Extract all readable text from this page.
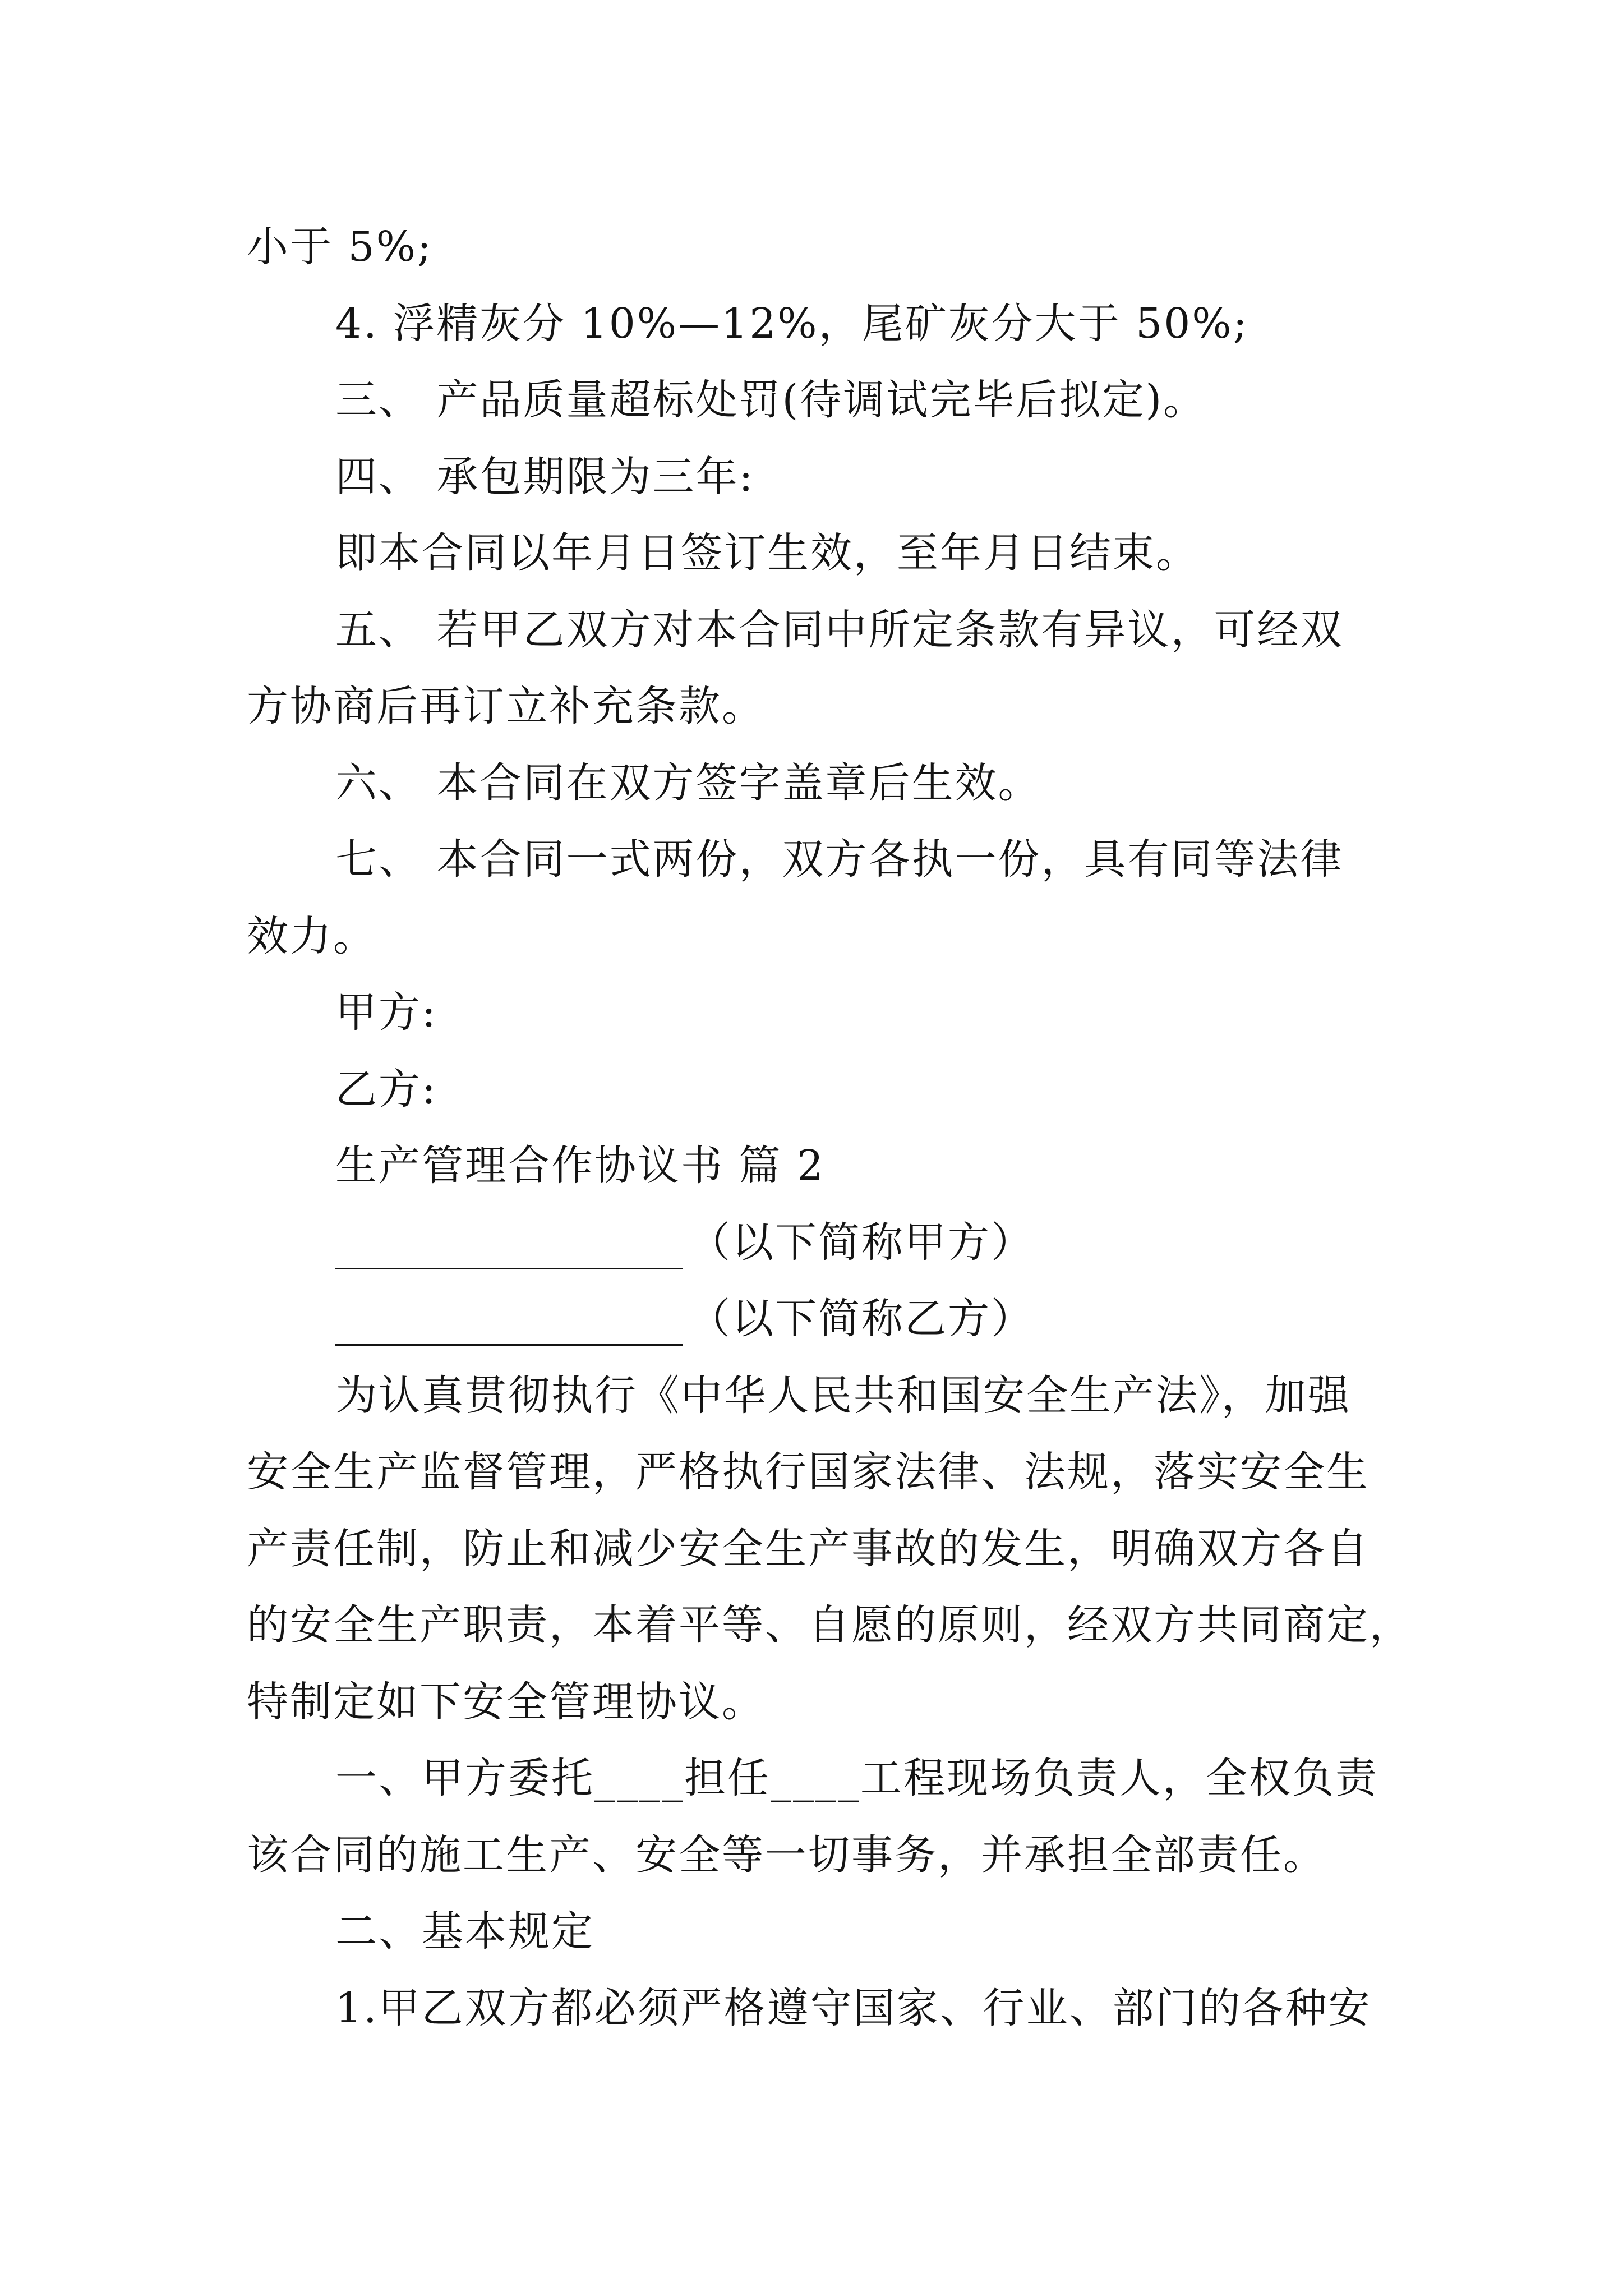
小于 5%;
4. 浮精灰分 10%—12%，尾矿灰分大于 50%;
三、 产品质量超标处罚(待调试完毕后拟定)。
四、 承包期限为三年:
即本合同以年月日签订生效，至年月日结束。
五、 若甲乙双方对本合同中所定条款有异议，可经双
方协商后再订立补充条款。
六、 本合同在双方签字盖章后生效。
七、 本合同一式两份，双方各执一份，具有同等法律
效力。
甲方:
乙方:
生产管理合作协议书 篇 2
（以下简称甲方）
（以下简称乙方）
为认真贯彻执行《中华人民共和国安全生产法》，加强
安全生产监督管理，严格执行国家法律、法规，落实安全生
产责任制，防止和减少安全生产事故的发生，明确双方各自
的安全生产职责，本着平等、自愿的原则，经双方共同商定，
特制定如下安全管理协议。
一、甲方委托____担任____工程现场负责人，全权负责
该合同的施工生产、安全等一切事务，并承担全部责任。
二、基本规定
1.甲乙双方都必须严格遵守国家、行业、部门的各种安
